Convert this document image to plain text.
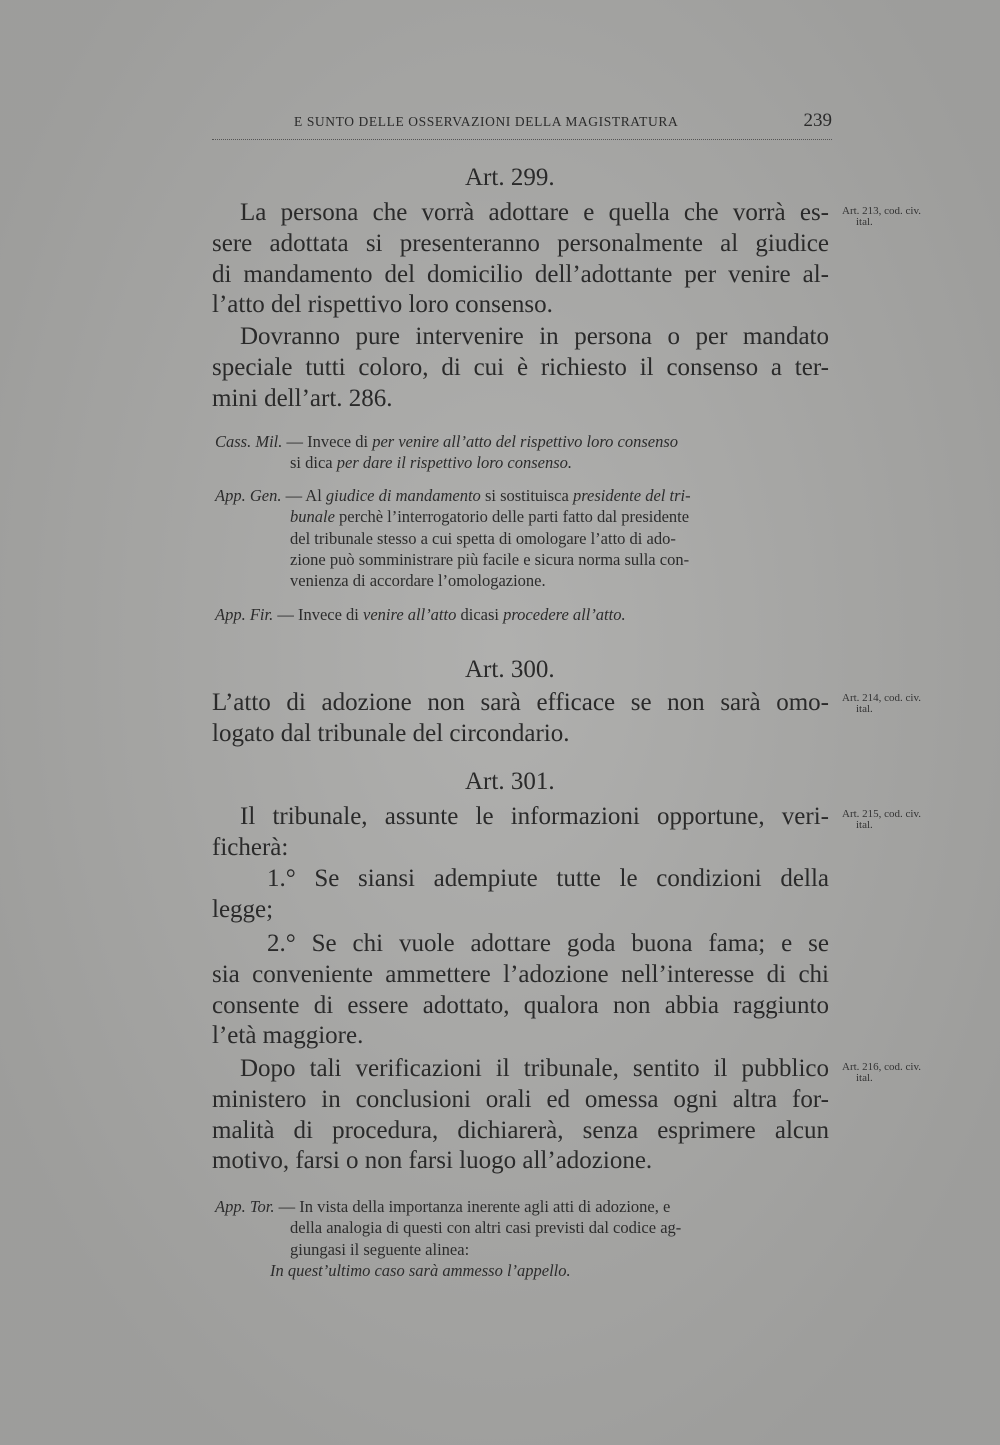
E SUNTO DELLE OSSERVAZIONI DELLA MAGISTRATURA	239
Art. 299.
Art. 213, cod. civ.
ital.
La persona che vorrà adottare e quella che vorrà es-
sere adottata si presenteranno personalmente al giudice
di mandamento del domicilio dell’adottante per venire al-
l’atto del rispettivo loro consenso.
Dovranno pure intervenire in persona o per mandato
speciale tutti coloro, di cui è richiesto il consenso a ter-
mini dell’art. 286.
Cass. Mil. — Invece di per venire all’atto del rispettivo loro consenso
si dica per dare il rispettivo loro consenso.
App. Gen. — Al giudice di mandamento si sostituisca presidente del tri-
bunale perchè l’interrogatorio delle parti fatto dal presidente
del tribunale stesso a cui spetta di omologare l’atto di ado-
zione può somministrare più facile e sicura norma sulla con-
venienza di accordare l’omologazione.
App. Fir. — Invece di venire all’atto dicasi procedere all’atto.
Art. 300.
Art. 214, cod. civ.
ital.
L’atto di adozione non sarà efficace se non sarà omo-
logato dal tribunale del circondario.
Art. 301.
Art. 215, cod. civ.
ital.
Il tribunale, assunte le informazioni opportune, veri-
ficherà:
1.° Se siansi adempiute tutte le condizioni della
legge;
2.° Se chi vuole adottare goda buona fama; e se
sia conveniente ammettere l’adozione nell’interesse di chi
consente di essere adottato, qualora non abbia raggiunto
l’età maggiore.
Art. 216, cod. civ.
ital.
Dopo tali verificazioni il tribunale, sentito il pubblico
ministero in conclusioni orali ed omessa ogni altra for-
malità di procedura, dichiarerà, senza esprimere alcun
motivo, farsi o non farsi luogo all’adozione.
App. Tor. — In vista della importanza inerente agli atti di adozione, e
della analogia di questi con altri casi previsti dal codice ag-
giungasi il seguente alinea:
In quest’ultimo caso sarà ammesso l’appello.
